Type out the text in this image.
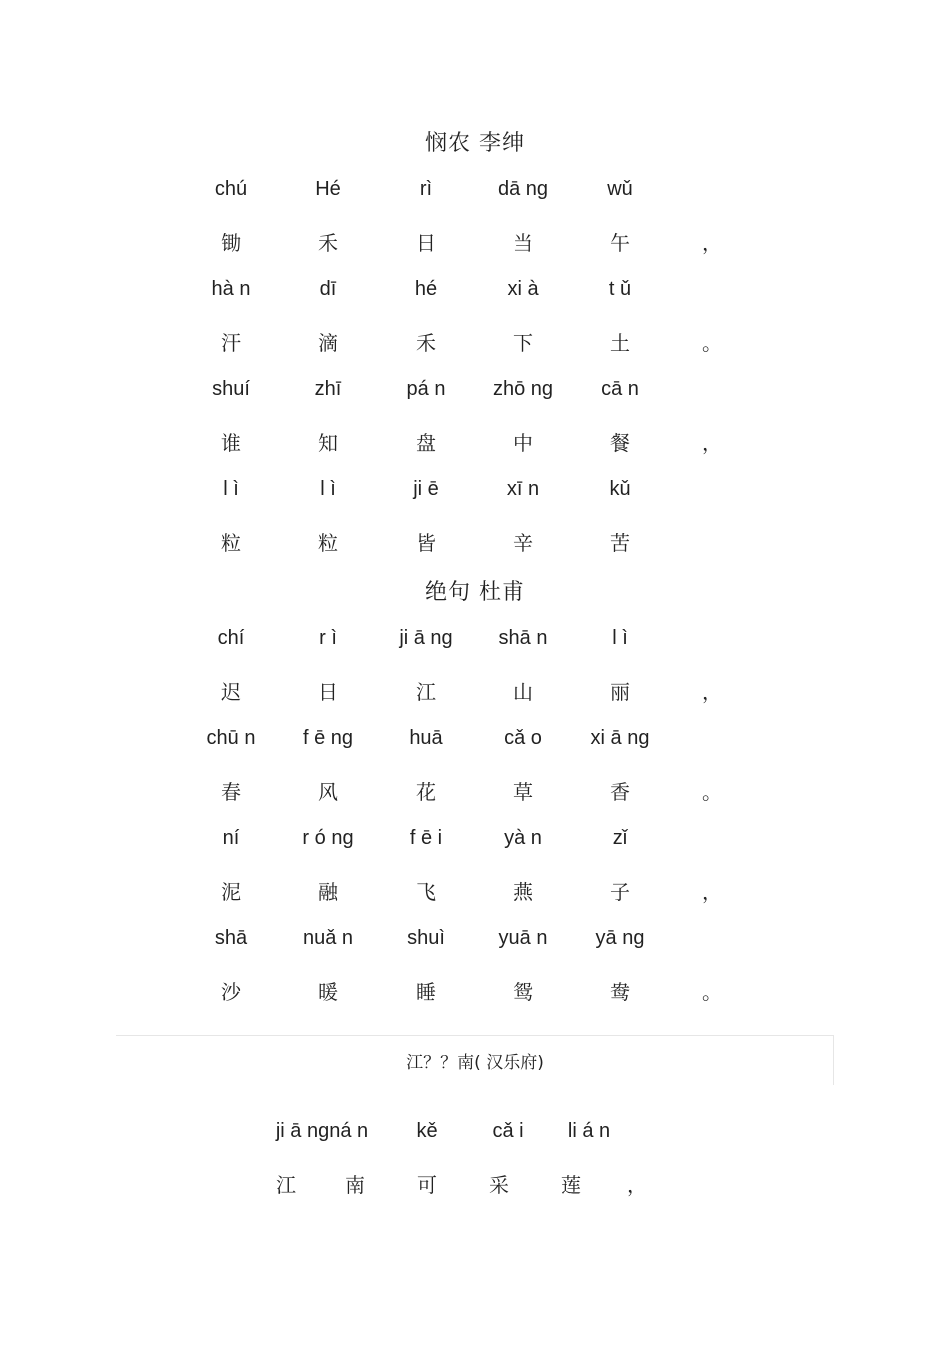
悯农 李绅
chú	Hé	rì	dā ng	wǔ
锄	禾	日	当	午	，
hà n	dī	hé	xi à	t ǔ
汗	滴	禾	下	土	。
shuí	zhī	pá n	zhō ng	cā n
谁	知	盘	中	餐	，
l ì	l ì	ji ē	xī n	kǔ
粒	粒	皆	辛	苦
绝句 杜甫
chí	r ì	ji ā ng	shā n	l ì
迟	日	江	山	丽	，
chū n	f ē ng	huā	cǎ o	xi ā ng
春	风	花	草	香	。
ní	r ó ng	f ē i	yà n	zǐ
泥	融	飞	燕	子	，
shā	nuǎ n	shuì	yuā n	yā ng
沙	暖	睡	鸳	鸯	。
江？？南( 汉乐府)
ji ā ngná n	kě	cǎ i	li á n
江	南	可	采	莲	，
